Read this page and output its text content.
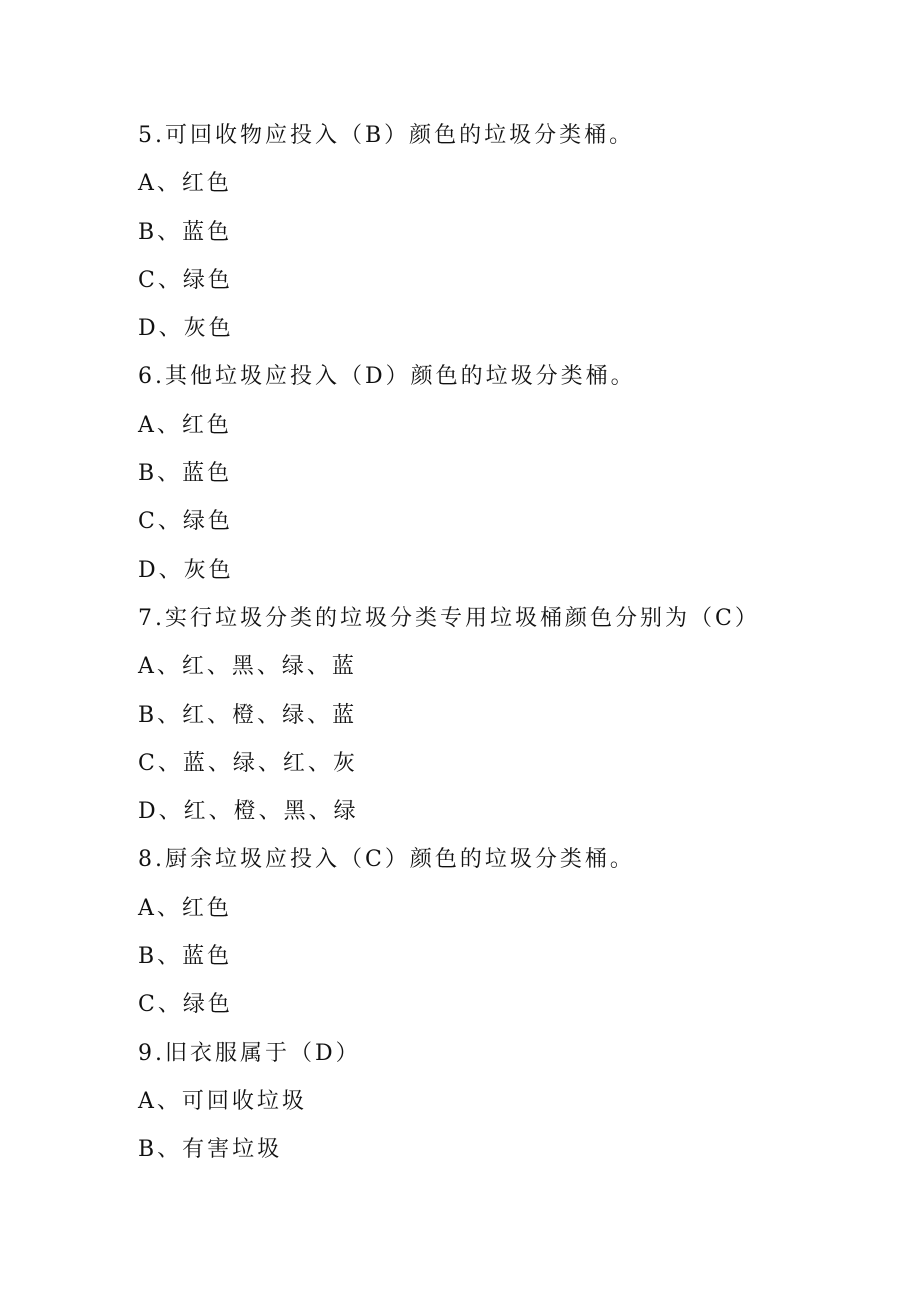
5.可回收物应投入（B）颜色的垃圾分类桶。
A、红色
B、蓝色
C、绿色
D、灰色
6.其他垃圾应投入（D）颜色的垃圾分类桶。
A、红色
B、蓝色
C、绿色
D、灰色
7.实行垃圾分类的垃圾分类专用垃圾桶颜色分别为（C）
A、红、黑、绿、蓝
B、红、橙、绿、蓝
C、蓝、绿、红、灰
D、红、橙、黑、绿
8.厨余垃圾应投入（C）颜色的垃圾分类桶。
A、红色
B、蓝色
C、绿色
9.旧衣服属于（D）
A、可回收垃圾
B、有害垃圾
